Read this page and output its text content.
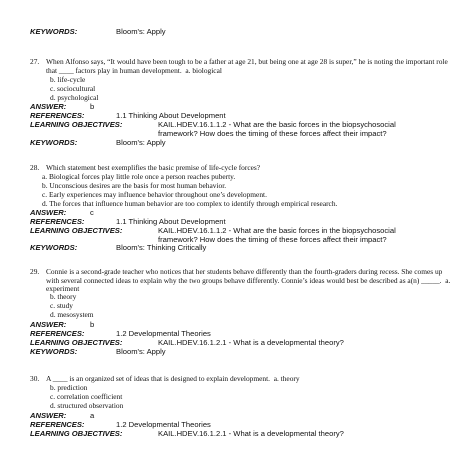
KEYWORDS:	Bloom's: Apply
27. When Alfonso says, “It would have been tough to be a father at age 21, but being one at age 28 is super,” he is noting the important role that ____ factors play in human development. a. biological
b. life-cycle
c. sociocultural
d. psychological
ANSWER:	b
REFERENCES:	1.1 Thinking About Development
LEARNING OBJECTIVES:	KAIL.HDEV.16.1.1.2 - What are the basic forces in the biopsychosocial
framework? How does the timing of these forces affect their impact?
KEYWORDS:	Bloom's: Apply
28. Which statement best exemplifies the basic premise of life-cycle forces?
a. Biological forces play little role once a person reaches puberty.
b. Unconscious desires are the basis for most human behavior.
c. Early experiences may influence behavior throughout one’s development.
d. The forces that influence human behavior are too complex to identify through empirical research.
ANSWER:	c
REFERENCES:	1.1 Thinking About Development
LEARNING OBJECTIVES:	KAIL.HDEV.16.1.1.2 - What are the basic forces in the biopsychosocial
framework? How does the timing of these forces affect their impact?
KEYWORDS:	Bloom's: Thinking Critically
29. Connie is a second-grade teacher who notices that her students behave differently than the fourth-graders during recess. She comes up with several connected ideas to explain why the two groups behave differently. Connie’s ideas would best be described as a(n) _____. a. experiment
b. theory
c. study
d. mesosystem
ANSWER:	b
REFERENCES:	1.2 Developmental Theories
LEARNING OBJECTIVES:	KAIL.HDEV.16.1.2.1 - What is a developmental theory?
KEYWORDS:	Bloom's: Apply
30. A ____ is an organized set of ideas that is designed to explain development. a. theory
b. prediction
c. correlation coefficient
d. structured observation
ANSWER:	a
REFERENCES:	1.2 Developmental Theories
LEARNING OBJECTIVES:	KAIL.HDEV.16.1.2.1 - What is a developmental theory?
